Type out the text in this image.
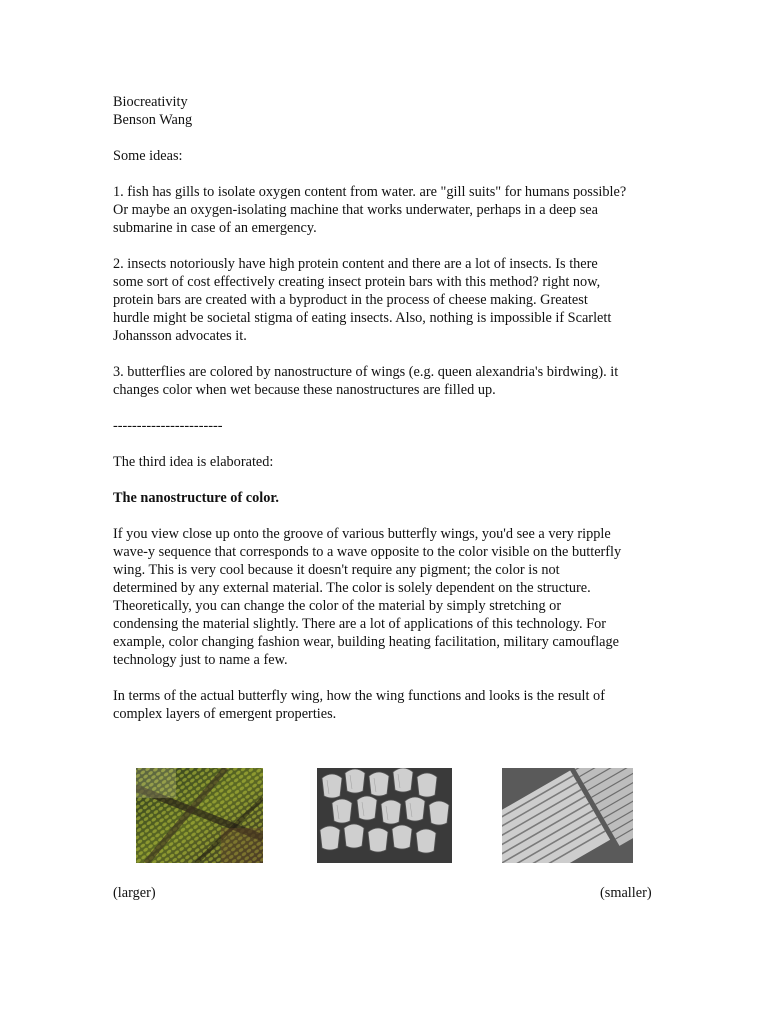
Biocreativity

Benson Wang

Some ideas:

1. fish has gills to isolate oxygen content from water. are "gill suits" for humans possible?

Or maybe an oxygen-isolating machine that works underwater, perhaps in a deep sea

submarine in case of an emergency.

2. insects notoriously have high protein content and there are a lot of insects. Is there

some sort of cost effectively creating insect protein bars with this method? right now,

protein bars are created with a byproduct in the process of cheese making. Greatest

hurdle might be societal stigma of eating insects. Also, nothing is impossible if Scarlett

Johansson advocates it.

3. butterflies are colored by nanostructure of wings (e.g. queen alexandria's birdwing). it

changes color when wet because these nanostructures are filled up.

-----------------------

The third idea is elaborated:

The nanostructure of color.

If you view close up onto the groove of various butterfly wings, you'd see a very ripple

wave-y sequence that corresponds to a wave opposite to the color visible on the butterfly

wing. This is very cool because it doesn't require any pigment; the color is not

determined by any external material. The color is solely dependent on the structure.

Theoretically, you can change the color of the material by simply stretching or

condensing the material slightly. There are a lot of applications of this technology. For

example, color changing fashion wear, building heating facilitation, military camouflage

technology just to name a few.

In terms of the actual butterfly wing, how the wing functions and looks is the result of

complex layers of emergent properties.

(larger)	(smaller)
